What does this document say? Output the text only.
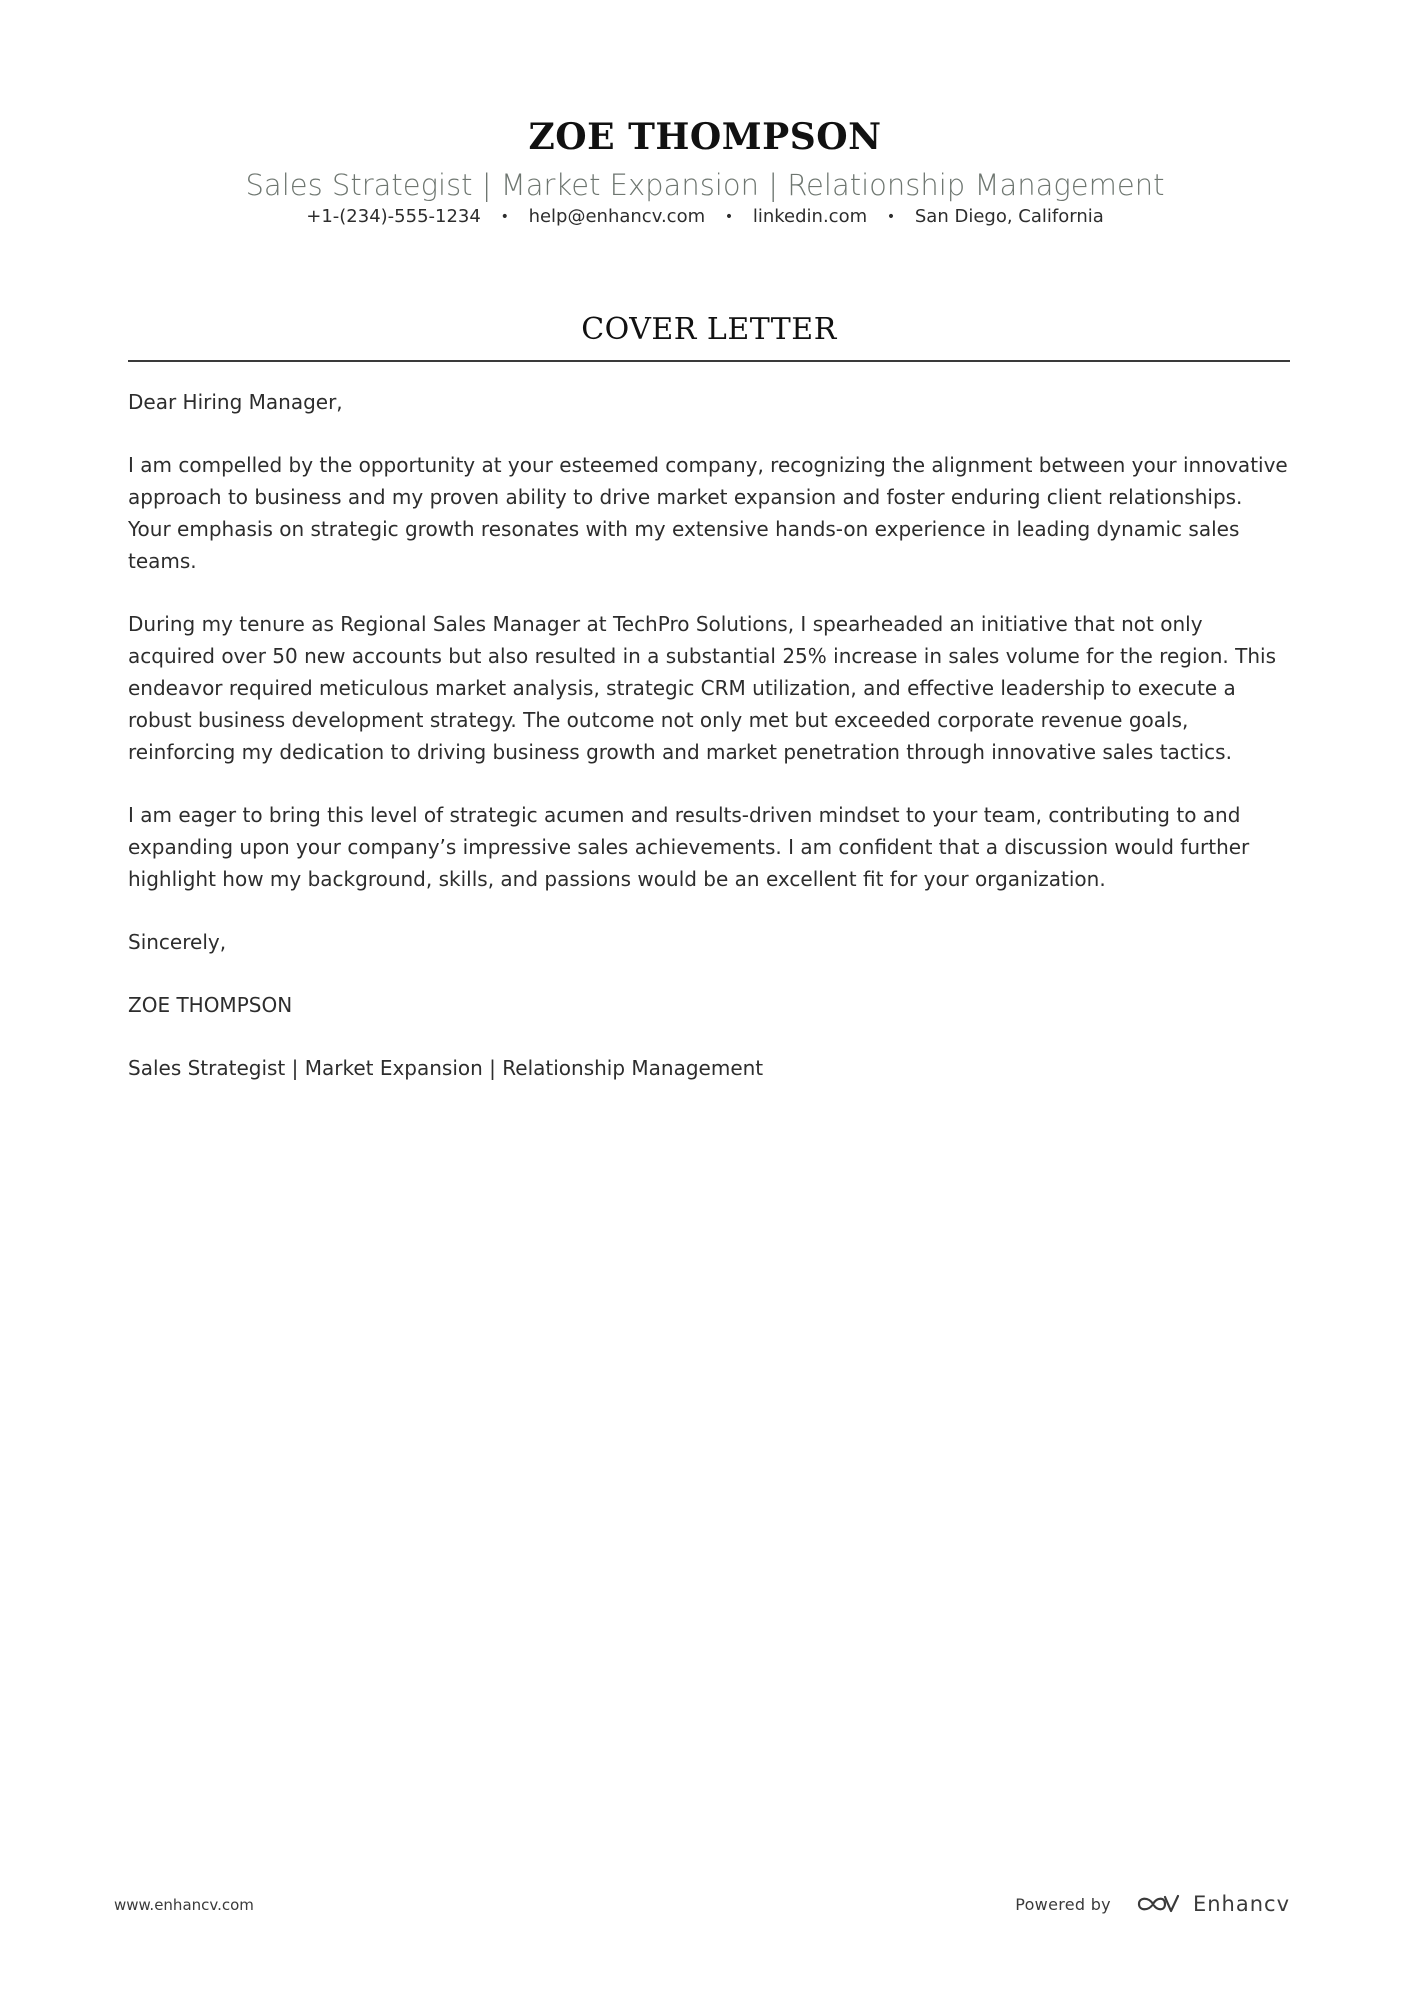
ZOE THOMPSON
Sales Strategist | Market Expansion | Relationship Management
+1-(234)-555-1234 • help@enhancv.com • linkedin.com • San Diego, California
COVER LETTER

Dear Hiring Manager,

I am compelled by the opportunity at your esteemed company, recognizing the alignment between your innovative approach to business and my proven ability to drive market expansion and foster enduring client relationships. Your emphasis on strategic growth resonates with my extensive hands-on experience in leading dynamic sales teams.

During my tenure as Regional Sales Manager at TechPro Solutions, I spearheaded an initiative that not only acquired over 50 new accounts but also resulted in a substantial 25% increase in sales volume for the region. This endeavor required meticulous market analysis, strategic CRM utilization, and effective leadership to execute a robust business development strategy. The outcome not only met but exceeded corporate revenue goals, reinforcing my dedication to driving business growth and market penetration through innovative sales tactics.

I am eager to bring this level of strategic acumen and results-driven mindset to your team, contributing to and expanding upon your company’s impressive sales achievements. I am confident that a discussion would further highlight how my background, skills, and passions would be an excellent fit for your organization.

Sincerely,

ZOE THOMPSON

Sales Strategist | Market Expansion | Relationship Management

www.enhancv.com	Powered by	Enhancv
